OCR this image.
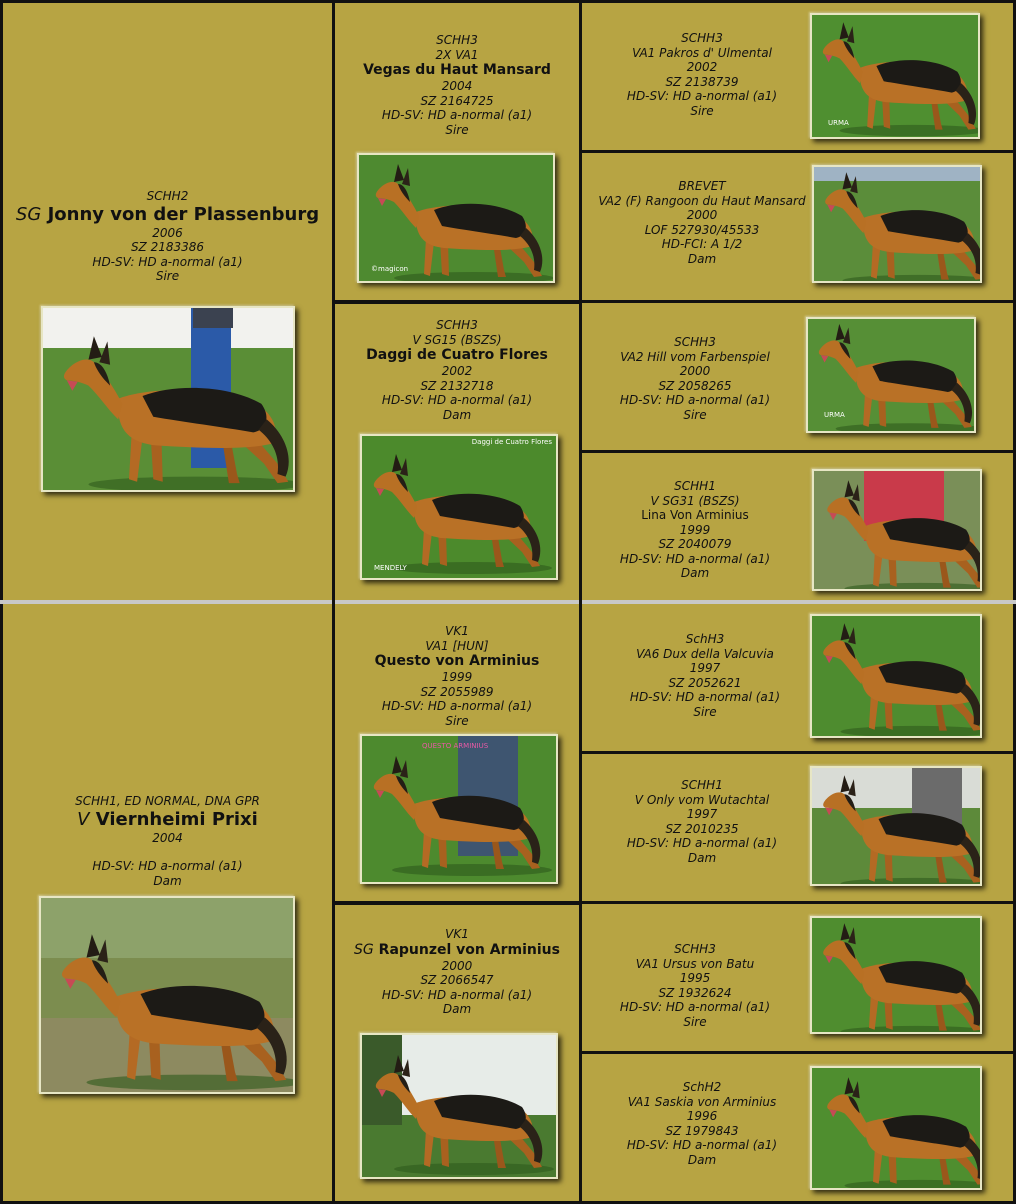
SCHH2
SG Jonny von der Plassenburg
2006
SZ 2183386
HD-SV: HD a-normal (a1)
Sire
SCHH1, ED NORMAL, DNA GPR
V Viernheimi Prixi
2004
HD-SV: HD a-normal (a1)
Dam
SCHH3
2X VA1
Vegas du Haut Mansard
2004
SZ 2164725
HD-SV: HD a-normal (a1)
Sire
©magicon
SCHH3
V SG15 (BSZS)
Daggi de Cuatro Flores
2002
SZ 2132718
HD-SV: HD a-normal (a1)
Dam
Daggi de Cuatro Flores
MENDELY
VK1
VA1 [HUN]
Questo von Arminius
1999
SZ 2055989
HD-SV: HD a-normal (a1)
Sire
QUESTO ARMINIUS
VK1
SG Rapunzel von Arminius
2000
SZ 2066547
HD-SV: HD a-normal (a1)
Dam
SCHH3
VA1 Pakros d' Ulmental
2002
SZ 2138739
HD-SV: HD a-normal (a1)
Sire
URMA
BREVET
VA2 (F) Rangoon du Haut Mansard
2000
LOF 527930/45533
HD-FCI: A 1/2
Dam
SCHH3
VA2 Hill vom Farbenspiel
2000
SZ 2058265
HD-SV: HD a-normal (a1)
Sire	URMA
SCHH1
V SG31 (BSZS)
Lina Von Arminius
1999
SZ 2040079
HD-SV: HD a-normal (a1)
Dam
SchH3
VA6 Dux della Valcuvia
1997
SZ 2052621
HD-SV: HD a-normal (a1)
Sire
SCHH1
V Only vom Wutachtal
1997
SZ 2010235
HD-SV: HD a-normal (a1)
Dam
SCHH3
VA1 Ursus von Batu
1995
SZ 1932624
HD-SV: HD a-normal (a1)
Sire
SchH2
VA1 Saskia von Arminius
1996
SZ 1979843
HD-SV: HD a-normal (a1)
Dam
